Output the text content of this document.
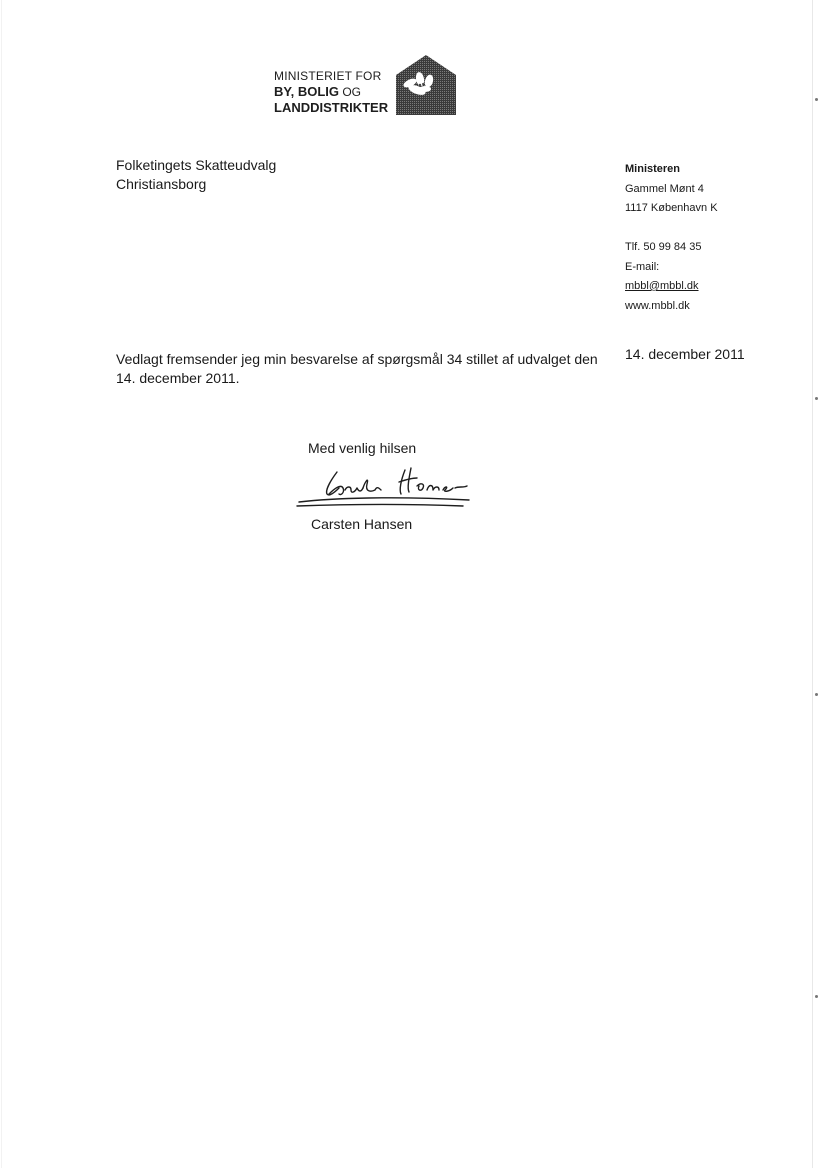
MINISTERIET FOR
BY, BOLIG OG
LANDDISTRIKTER
Folketingets Skatteudvalg
Christiansborg
Ministeren
Gammel Mønt 4
1117 København K
Tlf. 50 99 84 35
E-mail:
mbbl@mbbl.dk
www.mbbl.dk
Vedlagt fremsender jeg min besvarelse af spørgsmål 34 stillet af udvalget den 14. december 2011.
14. december 2011
Med venlig hilsen
Carsten Hansen
